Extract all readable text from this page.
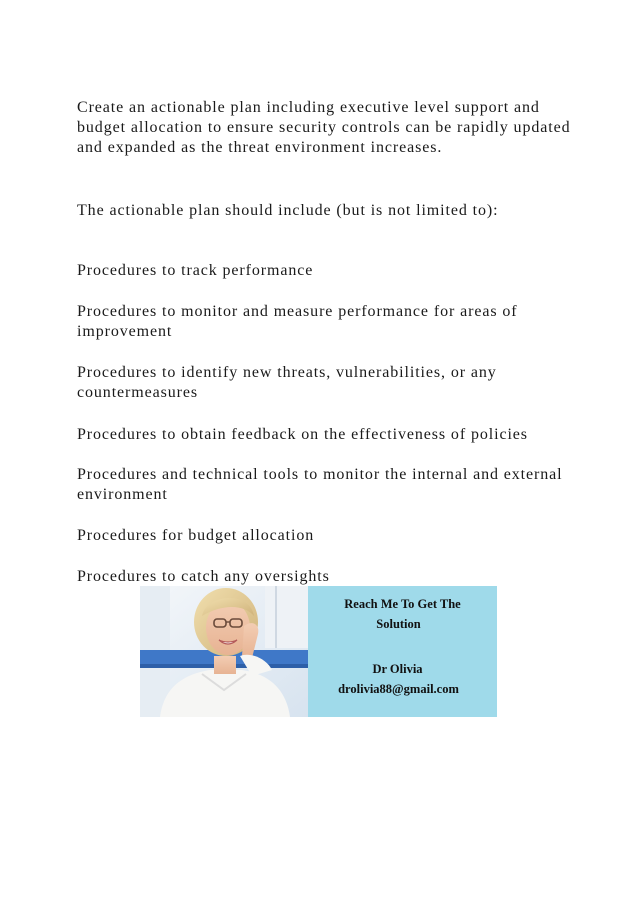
Create an actionable plan including executive level support and budget allocation to ensure security controls can be rapidly updated and expanded as the threat environment increases.

The actionable plan should include (but is not limited to):

Procedures to track performance

Procedures to monitor and measure performance for areas of improvement

Procedures to identify new threats, vulnerabilities, or any countermeasures

Procedures to obtain feedback on the effectiveness of policies

Procedures and technical tools to monitor the internal and external environment

Procedures for budget allocation

Procedures to catch any oversights

Reach Me To Get The

Solution

Dr Olivia

drolivia88@gmail.com
